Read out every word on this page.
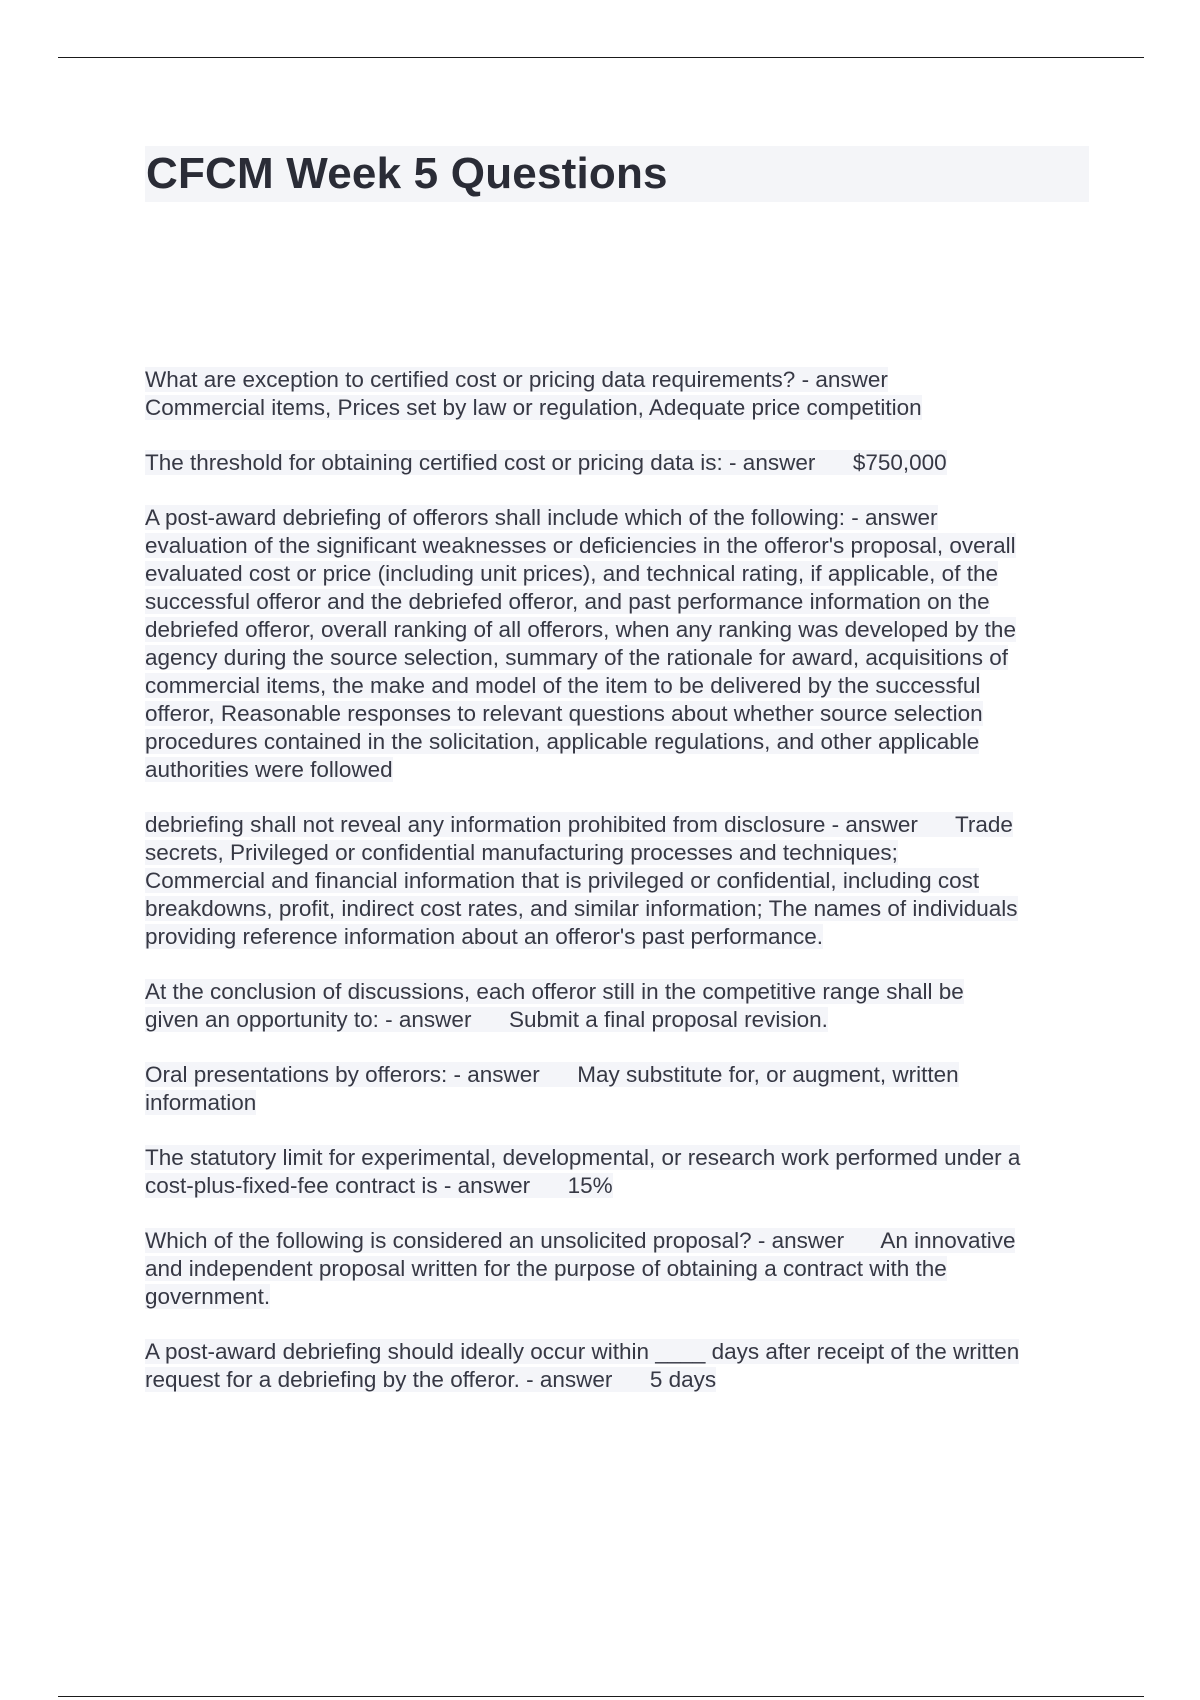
CFCM Week 5 Questions
What are exception to certified cost or pricing data requirements? - answer
Commercial items, Prices set by law or regulation, Adequate price competition
The threshold for obtaining certified cost or pricing data is: - answer      $750,000
A post-award debriefing of offerors shall include which of the following: - answer
evaluation of the significant weaknesses or deficiencies in the offeror's proposal, overall
evaluated cost or price (including unit prices), and technical rating, if applicable, of the
successful offeror and the debriefed offeror, and past performance information on the
debriefed offeror, overall ranking of all offerors, when any ranking was developed by the
agency during the source selection, summary of the rationale for award, acquisitions of
commercial items, the make and model of the item to be delivered by the successful
offeror, Reasonable responses to relevant questions about whether source selection
procedures contained in the solicitation, applicable regulations, and other applicable
authorities were followed
debriefing shall not reveal any information prohibited from disclosure - answer      Trade
secrets, Privileged or confidential manufacturing processes and techniques;
Commercial and financial information that is privileged or confidential, including cost
breakdowns, profit, indirect cost rates, and similar information; The names of individuals
providing reference information about an offeror's past performance.
At the conclusion of discussions, each offeror still in the competitive range shall be
given an opportunity to: - answer      Submit a final proposal revision.
Oral presentations by offerors: - answer      May substitute for, or augment, written
information
The statutory limit for experimental, developmental, or research work performed under a
cost-plus-fixed-fee contract is - answer      15%
Which of the following is considered an unsolicited proposal? - answer      An innovative
and independent proposal written for the purpose of obtaining a contract with the
government.
A post-award debriefing should ideally occur within ____ days after receipt of the written
request for a debriefing by the offeror. - answer      5 days
